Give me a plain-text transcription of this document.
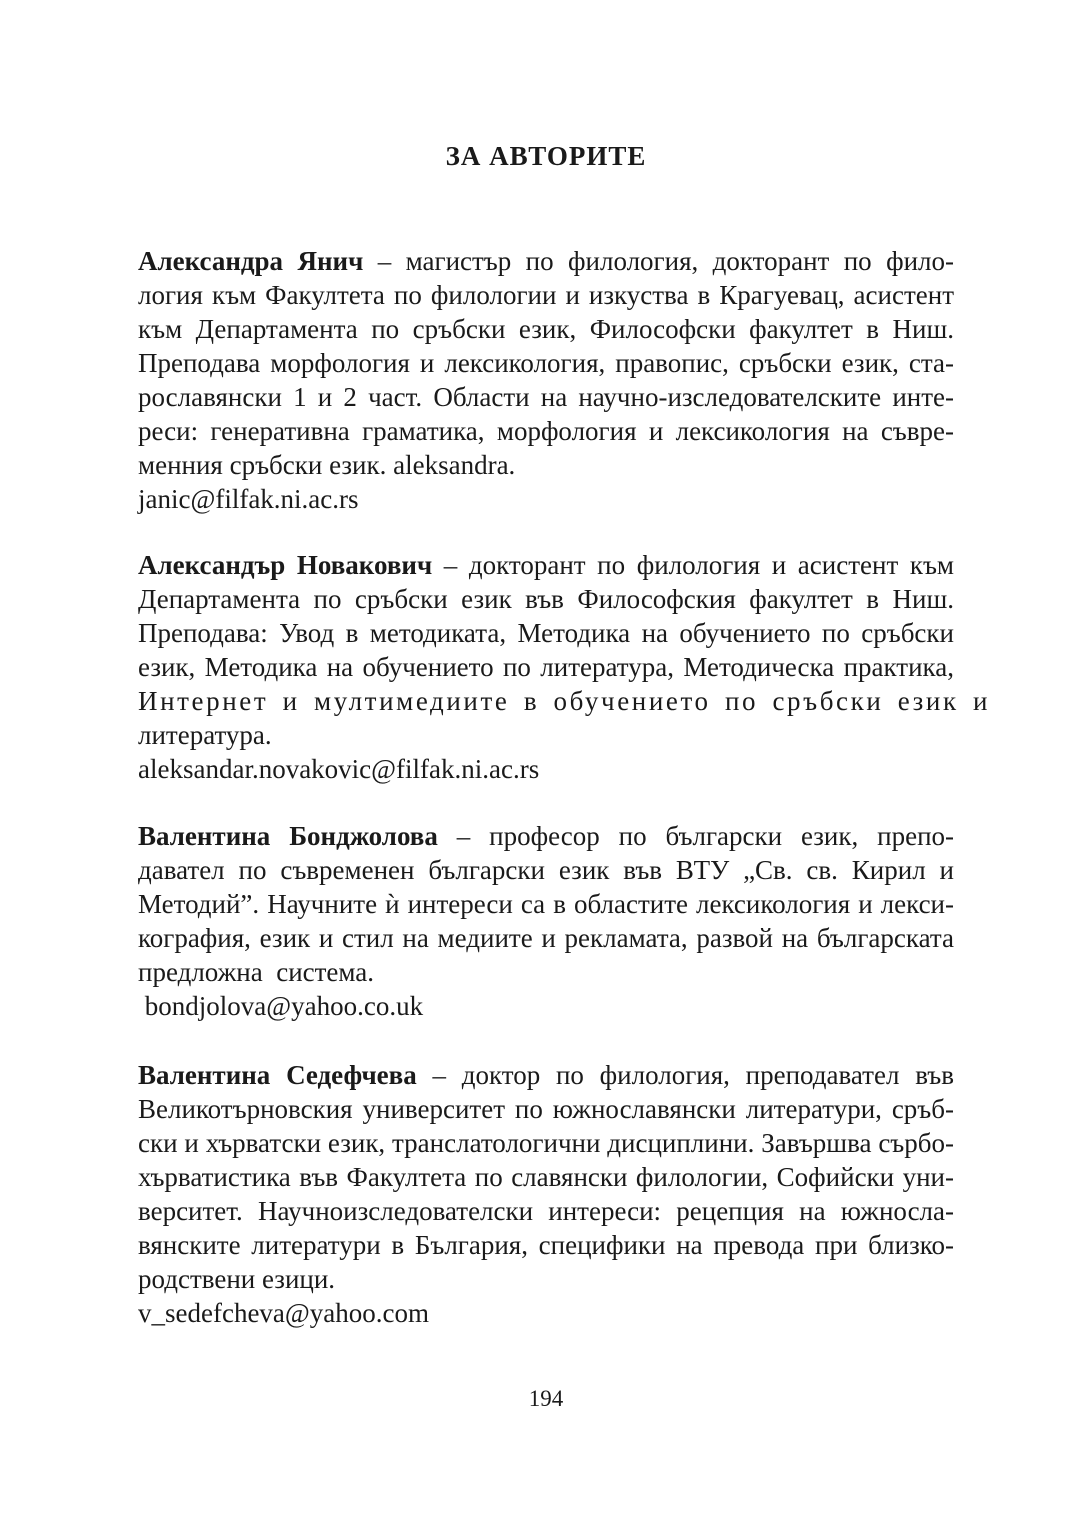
ЗА АВТОРИТЕ
Александра Янич – магистър по филология, докторант по фило-
логия към Факултета по филологии и изкуства в Крагуевац, асистент
към Департамента по сръбски език, Философски факултет в Ниш.
Преподава морфология и лексикология, правопис, сръбски език, ста-
рославянски 1 и 2 част. Области на научно-изследователските инте-
реси: генеративна граматика, морфология и лексикология на съвре-
менния сръбски език. aleksandra.
janic@filfak.ni.ac.rs
Александър Новакович – докторант по филология и асистент към
Департамента по сръбски език във Философския факултет в Ниш.
Преподава: Увод в методиката, Методика на обучението по сръбски
език, Методика на обучението по литература, Методическа практика,
Интернет и мултимедиите в обучението по сръбски език и
литература.
aleksandar.novakovic@filfak.ni.ac.rs
Валентина Бонджолова – професор по български език, препо-
давател по съвременен български език във ВТУ „Св. св. Кирил и
Методий”. Научните ѝ интереси са в областите лексикология и лекси-
кография, език и стил на медиите и рекламата, развой на българската
предложна  система.
bondjolova@yahoo.co.uk
Валентина Седефчева – доктор по филология, преподавател във
Великотърновския университет по южнославянски литератури, сръб-
ски и хърватски език, транслатологични дисциплини. Завършва сърбо-
хърватистика във Факултета по славянски филологии, Софийски уни-
верситет. Научноизследователски интереси: рецепция на южносла-
вянските литератури в България, специфики на превода при близко-
родствени езици.
v_sedefcheva@yahoo.com
194
